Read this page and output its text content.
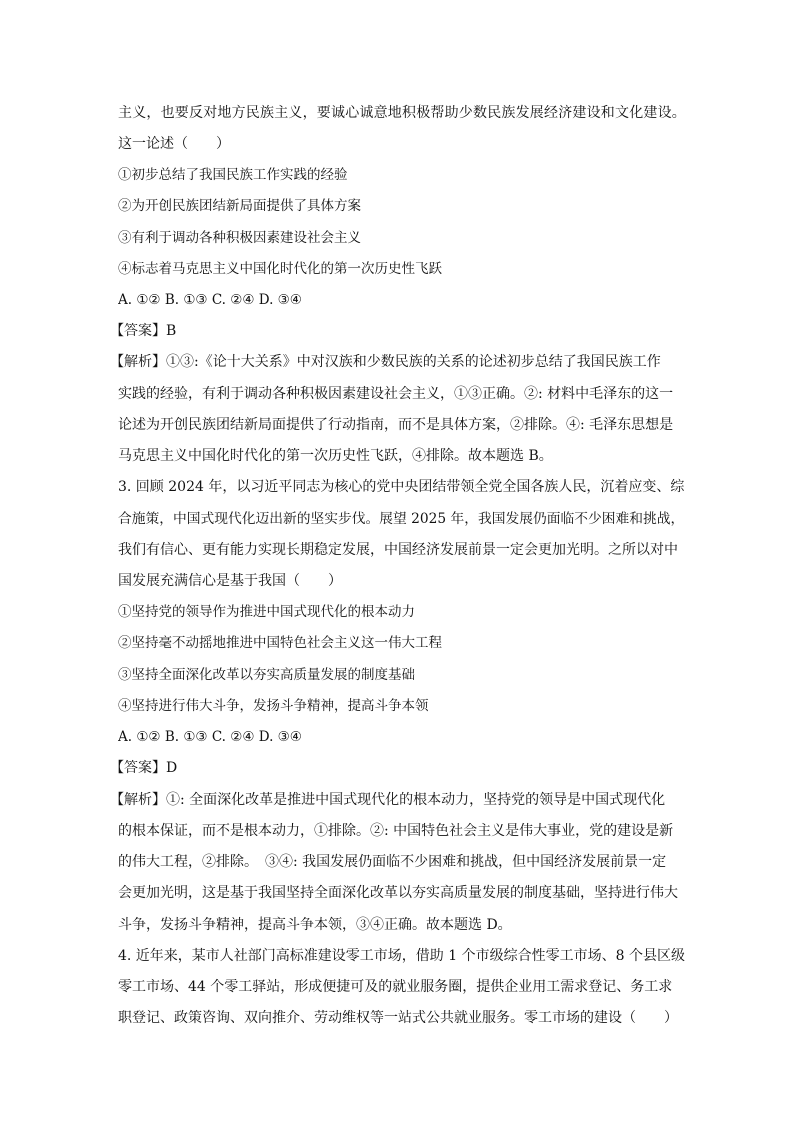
主义，也要反对地方民族主义，要诚心诚意地积极帮助少数民族发展经济建设和文化建设。
这一论述（　　）
①初步总结了我国民族工作实践的经验
②为开创民族团结新局面提供了具体方案
③有利于调动各种积极因素建设社会主义
④标志着马克思主义中国化时代化的第一次历史性飞跃
A. ①② B. ①③ C. ②④ D. ③④
【答案】B
【解析】①③:《论十大关系》中对汉族和少数民族的关系的论述初步总结了我国民族工作
实践的经验，有利于调动各种积极因素建设社会主义，①③正确。②: 材料中毛泽东的这一
论述为开创民族团结新局面提供了行动指南，而不是具体方案，②排除。④: 毛泽东思想是
马克思主义中国化时代化的第一次历史性飞跃，④排除。故本题选 B。
3. 回顾 2024 年，以习近平同志为核心的党中央团结带领全党全国各族人民，沉着应变、综
合施策，中国式现代化迈出新的坚实步伐。展望 2025 年，我国发展仍面临不少困难和挑战，
我们有信心、更有能力实现长期稳定发展，中国经济发展前景一定会更加光明。之所以对中
国发展充满信心是基于我国（　　）
①坚持党的领导作为推进中国式现代化的根本动力
②坚持毫不动摇地推进中国特色社会主义这一伟大工程
③坚持全面深化改革以夯实高质量发展的制度基础
④坚持进行伟大斗争，发扬斗争精神，提高斗争本领
A. ①② B. ①③ C. ②④ D. ③④
【答案】D
【解析】①: 全面深化改革是推进中国式现代化的根本动力，坚持党的领导是中国式现代化
的根本保证，而不是根本动力，①排除。②: 中国特色社会主义是伟大事业，党的建设是新
的伟大工程，②排除。　③④: 我国发展仍面临不少困难和挑战，但中国经济发展前景一定
会更加光明，这是基于我国坚持全面深化改革以夯实高质量发展的制度基础，坚持进行伟大
斗争，发扬斗争精神，提高斗争本领，③④正确。故本题选 D。
4. 近年来，某市人社部门高标准建设零工市场，借助 1 个市级综合性零工市场、8 个县区级
零工市场、44 个零工驿站，形成便捷可及的就业服务圈，提供企业用工需求登记、务工求
职登记、政策咨询、双向推介、劳动维权等一站式公共就业服务。零工市场的建设（　　）
